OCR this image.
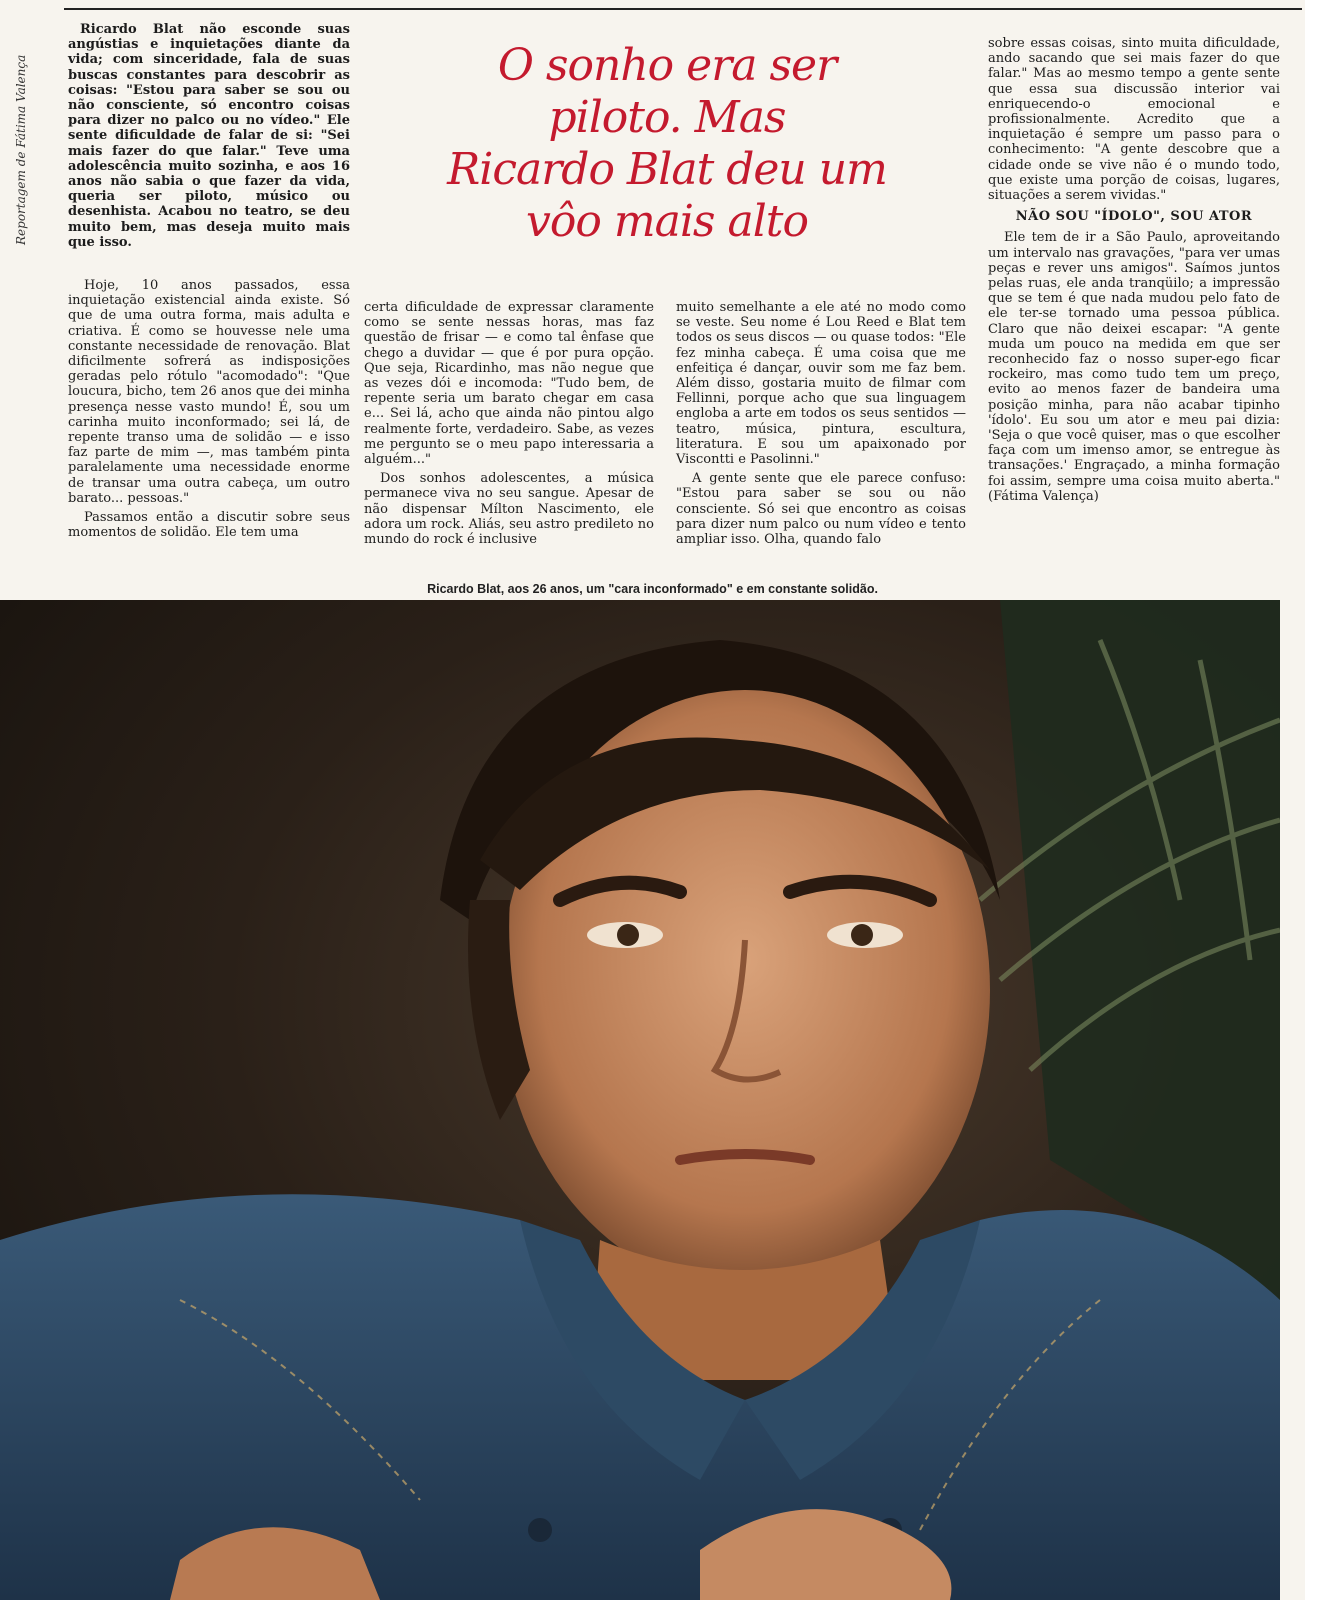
Reportagem de Fátima Valença

Ricardo Blat não esconde suas angústias e inquietações diante da vida; com sinceridade, fala de suas buscas constantes para descobrir as coisas: "Estou para saber se sou ou não consciente, só encontro coisas para dizer no palco ou no vídeo." Ele sente dificuldade de falar de si: "Sei mais fazer do que falar." Teve uma adolescência muito sozinha, e aos 16 anos não sabia o que fazer da vida, queria ser piloto, músico ou desenhista. Acabou no teatro, se deu muito bem, mas deseja muito mais que isso.

O sonho era ser
piloto. Mas
Ricardo Blat deu um
vôo mais alto

Hoje, 10 anos passados, essa inquietação existencial ainda existe. Só que de uma outra forma, mais adulta e criativa. É como se houvesse nele uma constante necessidade de renovação. Blat dificilmente sofrerá as indisposições geradas pelo rótulo "acomodado": "Que loucura, bicho, tem 26 anos que dei minha presença nesse vasto mundo! É, sou um carinha muito inconformado; sei lá, de repente transo uma de solidão — e isso faz parte de mim —, mas também pinta paralelamente uma necessidade enorme de transar uma outra cabeça, um outro barato... pessoas."

Passamos então a discutir sobre seus momentos de solidão. Ele tem uma

certa dificuldade de expressar claramente como se sente nessas horas, mas faz questão de frisar — e como tal ênfase que chego a duvidar — que é por pura opção. Que seja, Ricardinho, mas não negue que as vezes dói e incomoda: "Tudo bem, de repente seria um barato chegar em casa e... Sei lá, acho que ainda não pintou algo realmente forte, verdadeiro. Sabe, as vezes me pergunto se o meu papo interessaria a alguém..."

Dos sonhos adolescentes, a música permanece viva no seu sangue. Apesar de não dispensar Mílton Nascimento, ele adora um rock. Aliás, seu astro predileto no mundo do rock é inclusive

muito semelhante a ele até no modo como se veste. Seu nome é Lou Reed e Blat tem todos os seus discos — ou quase todos: "Ele fez minha cabeça. É uma coisa que me enfeitiça é dançar, ouvir som me faz bem. Além disso, gostaria muito de filmar com Fellinni, porque acho que sua linguagem engloba a arte em todos os seus sentidos — teatro, música, pintura, escultura, literatura. E sou um apaixonado por Viscontti e Pasolinni."

A gente sente que ele parece confuso: "Estou para saber se sou ou não consciente. Só sei que encontro as coisas para dizer num palco ou num vídeo e tento ampliar isso. Olha, quando falo

sobre essas coisas, sinto muita dificuldade, ando sacando que sei mais fazer do que falar." Mas ao mesmo tempo a gente sente que essa sua discussão interior vai enriquecendo-o emocional e profissionalmente. Acredito que a inquietação é sempre um passo para o conhecimento: "A gente descobre que a cidade onde se vive não é o mundo todo, que existe uma porção de coisas, lugares, situações a serem vividas."

NÃO SOU "ÍDOLO", SOU ATOR

Ele tem de ir a São Paulo, aproveitando um intervalo nas gravações, "para ver umas peças e rever uns amigos". Saímos juntos pelas ruas, ele anda tranqüilo; a impressão que se tem é que nada mudou pelo fato de ele ter-se tornado uma pessoa pública. Claro que não deixei escapar: "A gente muda um pouco na medida em que ser reconhecido faz o nosso super-ego ficar rockeiro, mas como tudo tem um preço, evito ao menos fazer de bandeira uma posição minha, para não acabar tipinho 'ídolo'. Eu sou um ator e meu pai dizia: 'Seja o que você quiser, mas o que escolher faça com um imenso amor, se entregue às transações.' Engraçado, a minha formação foi assim, sempre uma coisa muito aberta." (Fátima Valença)

Ricardo Blat, aos 26 anos, um "cara inconformado" e em constante solidão.
